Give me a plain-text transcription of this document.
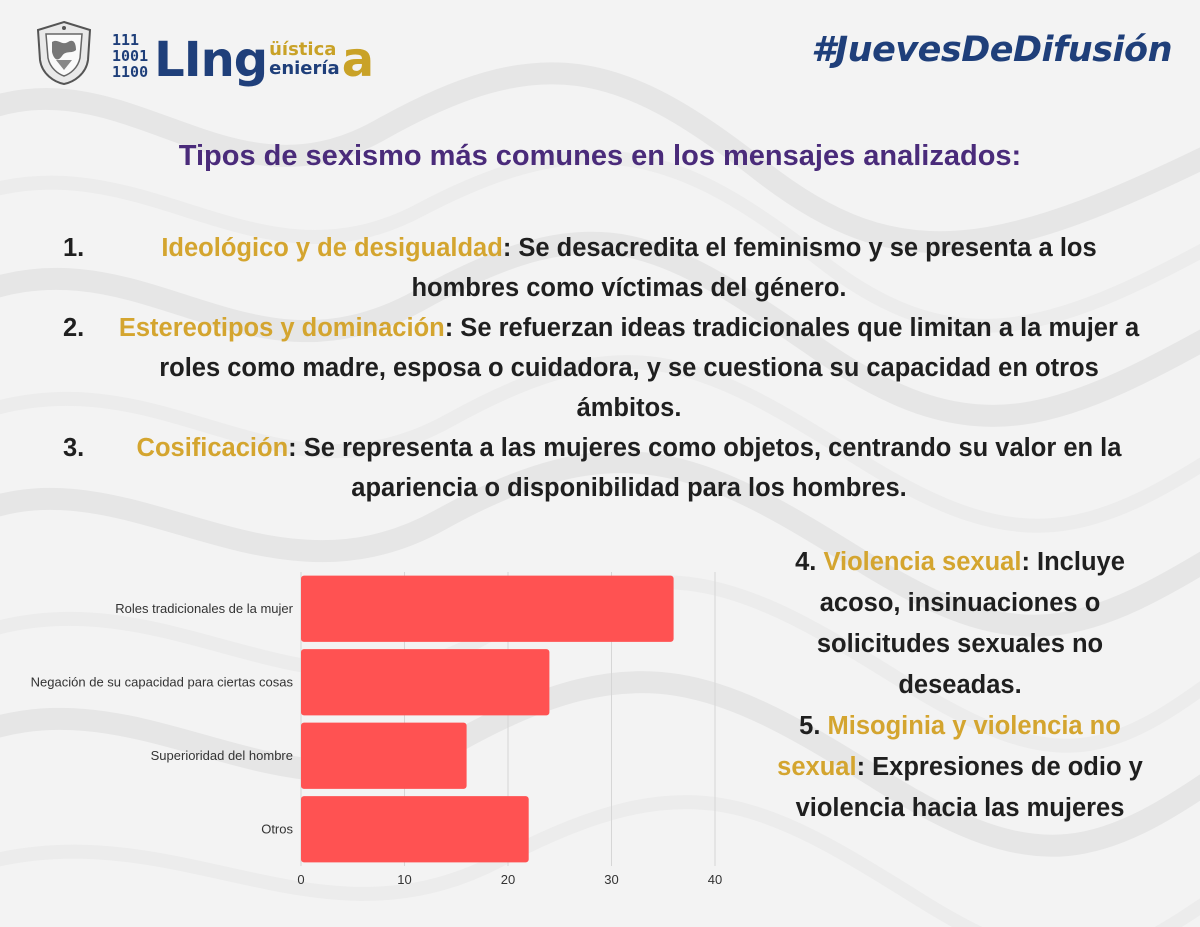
111
1001
1100 L Ing üística
eniería a	#JuevesDeDifusión
Tipos de sexismo más comunes en los mensajes analizados:
1.	Ideológico y de desigualdad: Se desacredita el feminismo y se presenta a los hombres como víctimas del género.
2.	Estereotipos y dominación: Se refuerzan ideas tradicionales que limitan a la mujer a roles como madre, esposa o cuidadora, y se cuestiona su capacidad en otros ámbitos.
3.	Cosificación: Se representa a las mujeres como objetos, centrando su valor en la apariencia o disponibilidad para los hombres.
0	10	20	30	40
Roles tradicionales de la mujer
Negación de su capacidad para ciertas cosas
Superioridad del hombre
Otros

4. Violencia sexual: Incluye acoso, insinuaciones o solicitudes sexuales no deseadas.

5. Misoginia y violencia no sexual: Expresiones de odio y violencia hacia las mujeres
